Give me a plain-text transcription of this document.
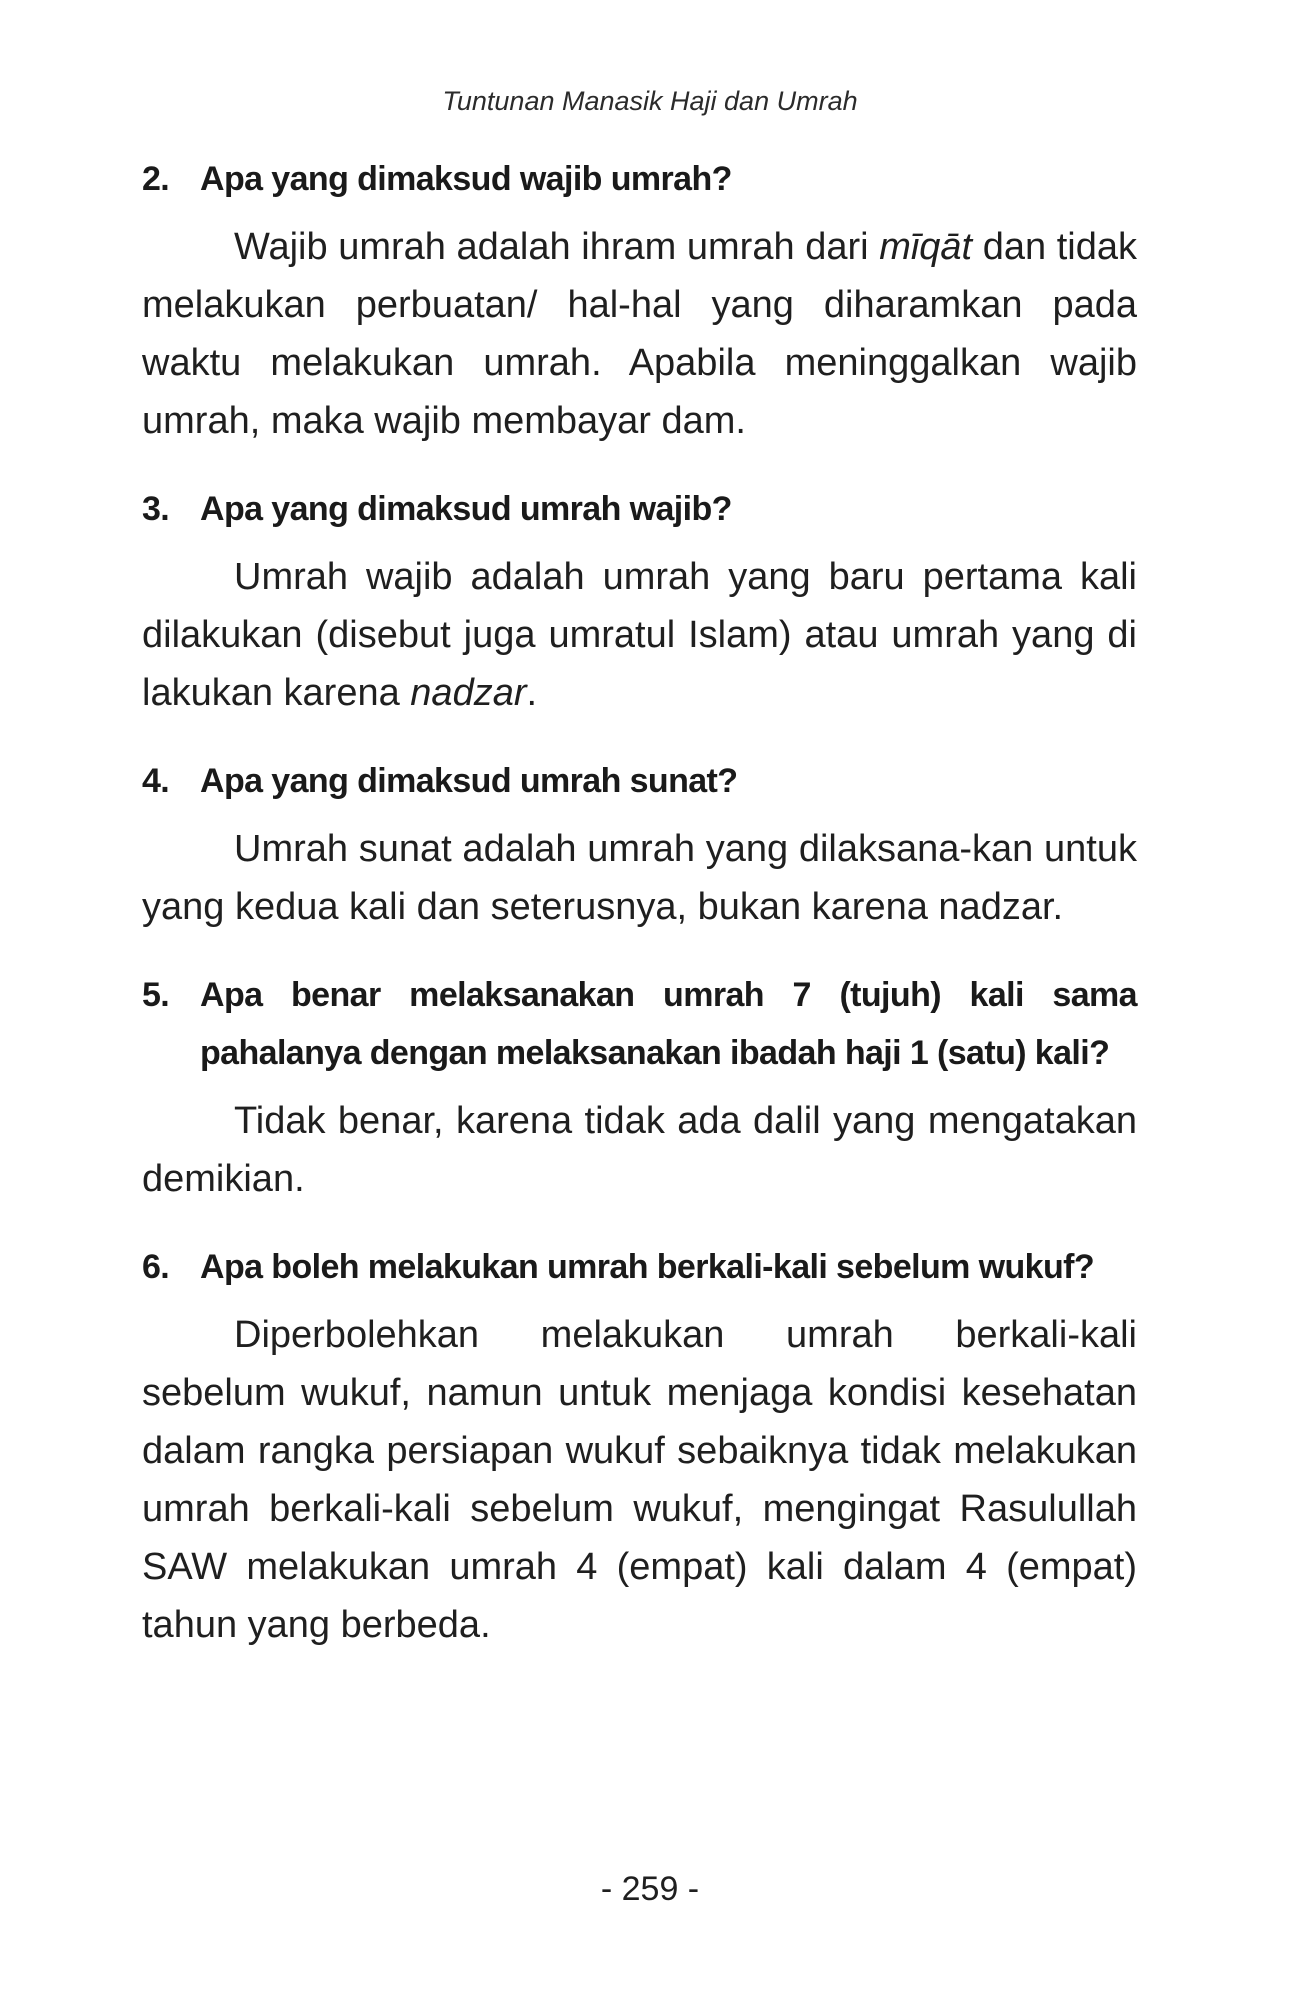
Tuntunan Manasik Haji dan Umrah
2. Apa yang dimaksud wajib umrah?

Wajib umrah adalah ihram umrah dari mīqāt dan tidak melakukan perbuatan/ hal-hal yang diharamkan pada waktu melakukan umrah. Apabila meninggalkan wajib umrah, maka wajib membayar dam.

3. Apa yang dimaksud umrah wajib?

Umrah wajib adalah umrah yang baru pertama kali dilakukan (disebut juga umratul Islam) atau umrah yang di lakukan karena nadzar.

4. Apa yang dimaksud umrah sunat?

Umrah sunat adalah umrah yang dilaksana-kan untuk yang kedua kali dan seterusnya, bukan karena nadzar.

5. Apa benar melaksanakan umrah 7 (tujuh) kali sama pahalanya dengan melaksanakan ibadah haji 1 (satu) kali?

Tidak benar, karena tidak ada dalil yang mengatakan demikian.

6. Apa boleh melakukan umrah berkali-kali sebelum wukuf?

Diperbolehkan melakukan umrah berkali-kali sebelum wukuf, namun untuk menjaga kondisi kesehatan dalam rangka persiapan wukuf sebaiknya tidak melakukan umrah berkali-kali sebelum wukuf, mengingat Rasulullah SAW melakukan umrah 4 (empat) kali dalam 4 (empat) tahun yang berbeda.

- 259 -
